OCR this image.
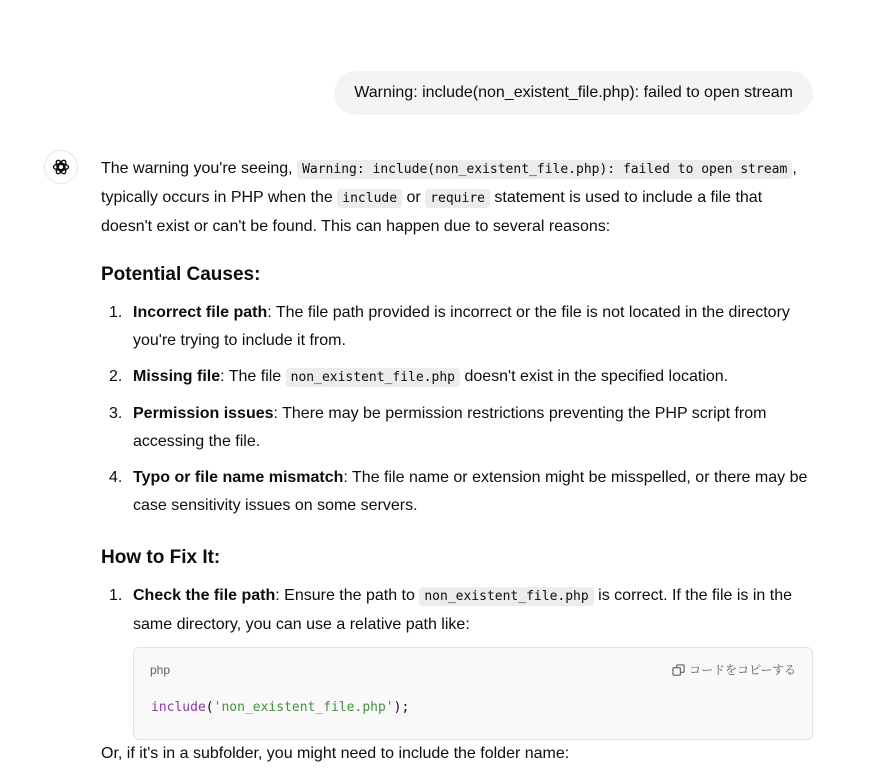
Warning: include(non_existent_file.php): failed to open stream

The warning you're seeing, Warning: include(non_existent_file.php): failed to open stream , typically occurs in PHP when the include or require statement is used to include a file that doesn't exist or can't be found. This can happen due to several reasons:

Potential Causes:
1. Incorrect file path: The file path provided is incorrect or the file is not located in the directory you're trying to include it from.
2. Missing file: The file non_existent_file.php doesn't exist in the specified location.
3. Permission issues: There may be permission restrictions preventing the PHP script from accessing the file.
4. Typo or file name mismatch: The file name or extension might be misspelled, or there may be case sensitivity issues on some servers.
How to Fix It:
1. Check the file path: Ensure the path to non_existent_file.php is correct. If the file is in the same directory, you can use a relative path like:
php	コードをコピーする
include('non_existent_file.php');

Or, if it's in a subfolder, you might need to include the folder name:
